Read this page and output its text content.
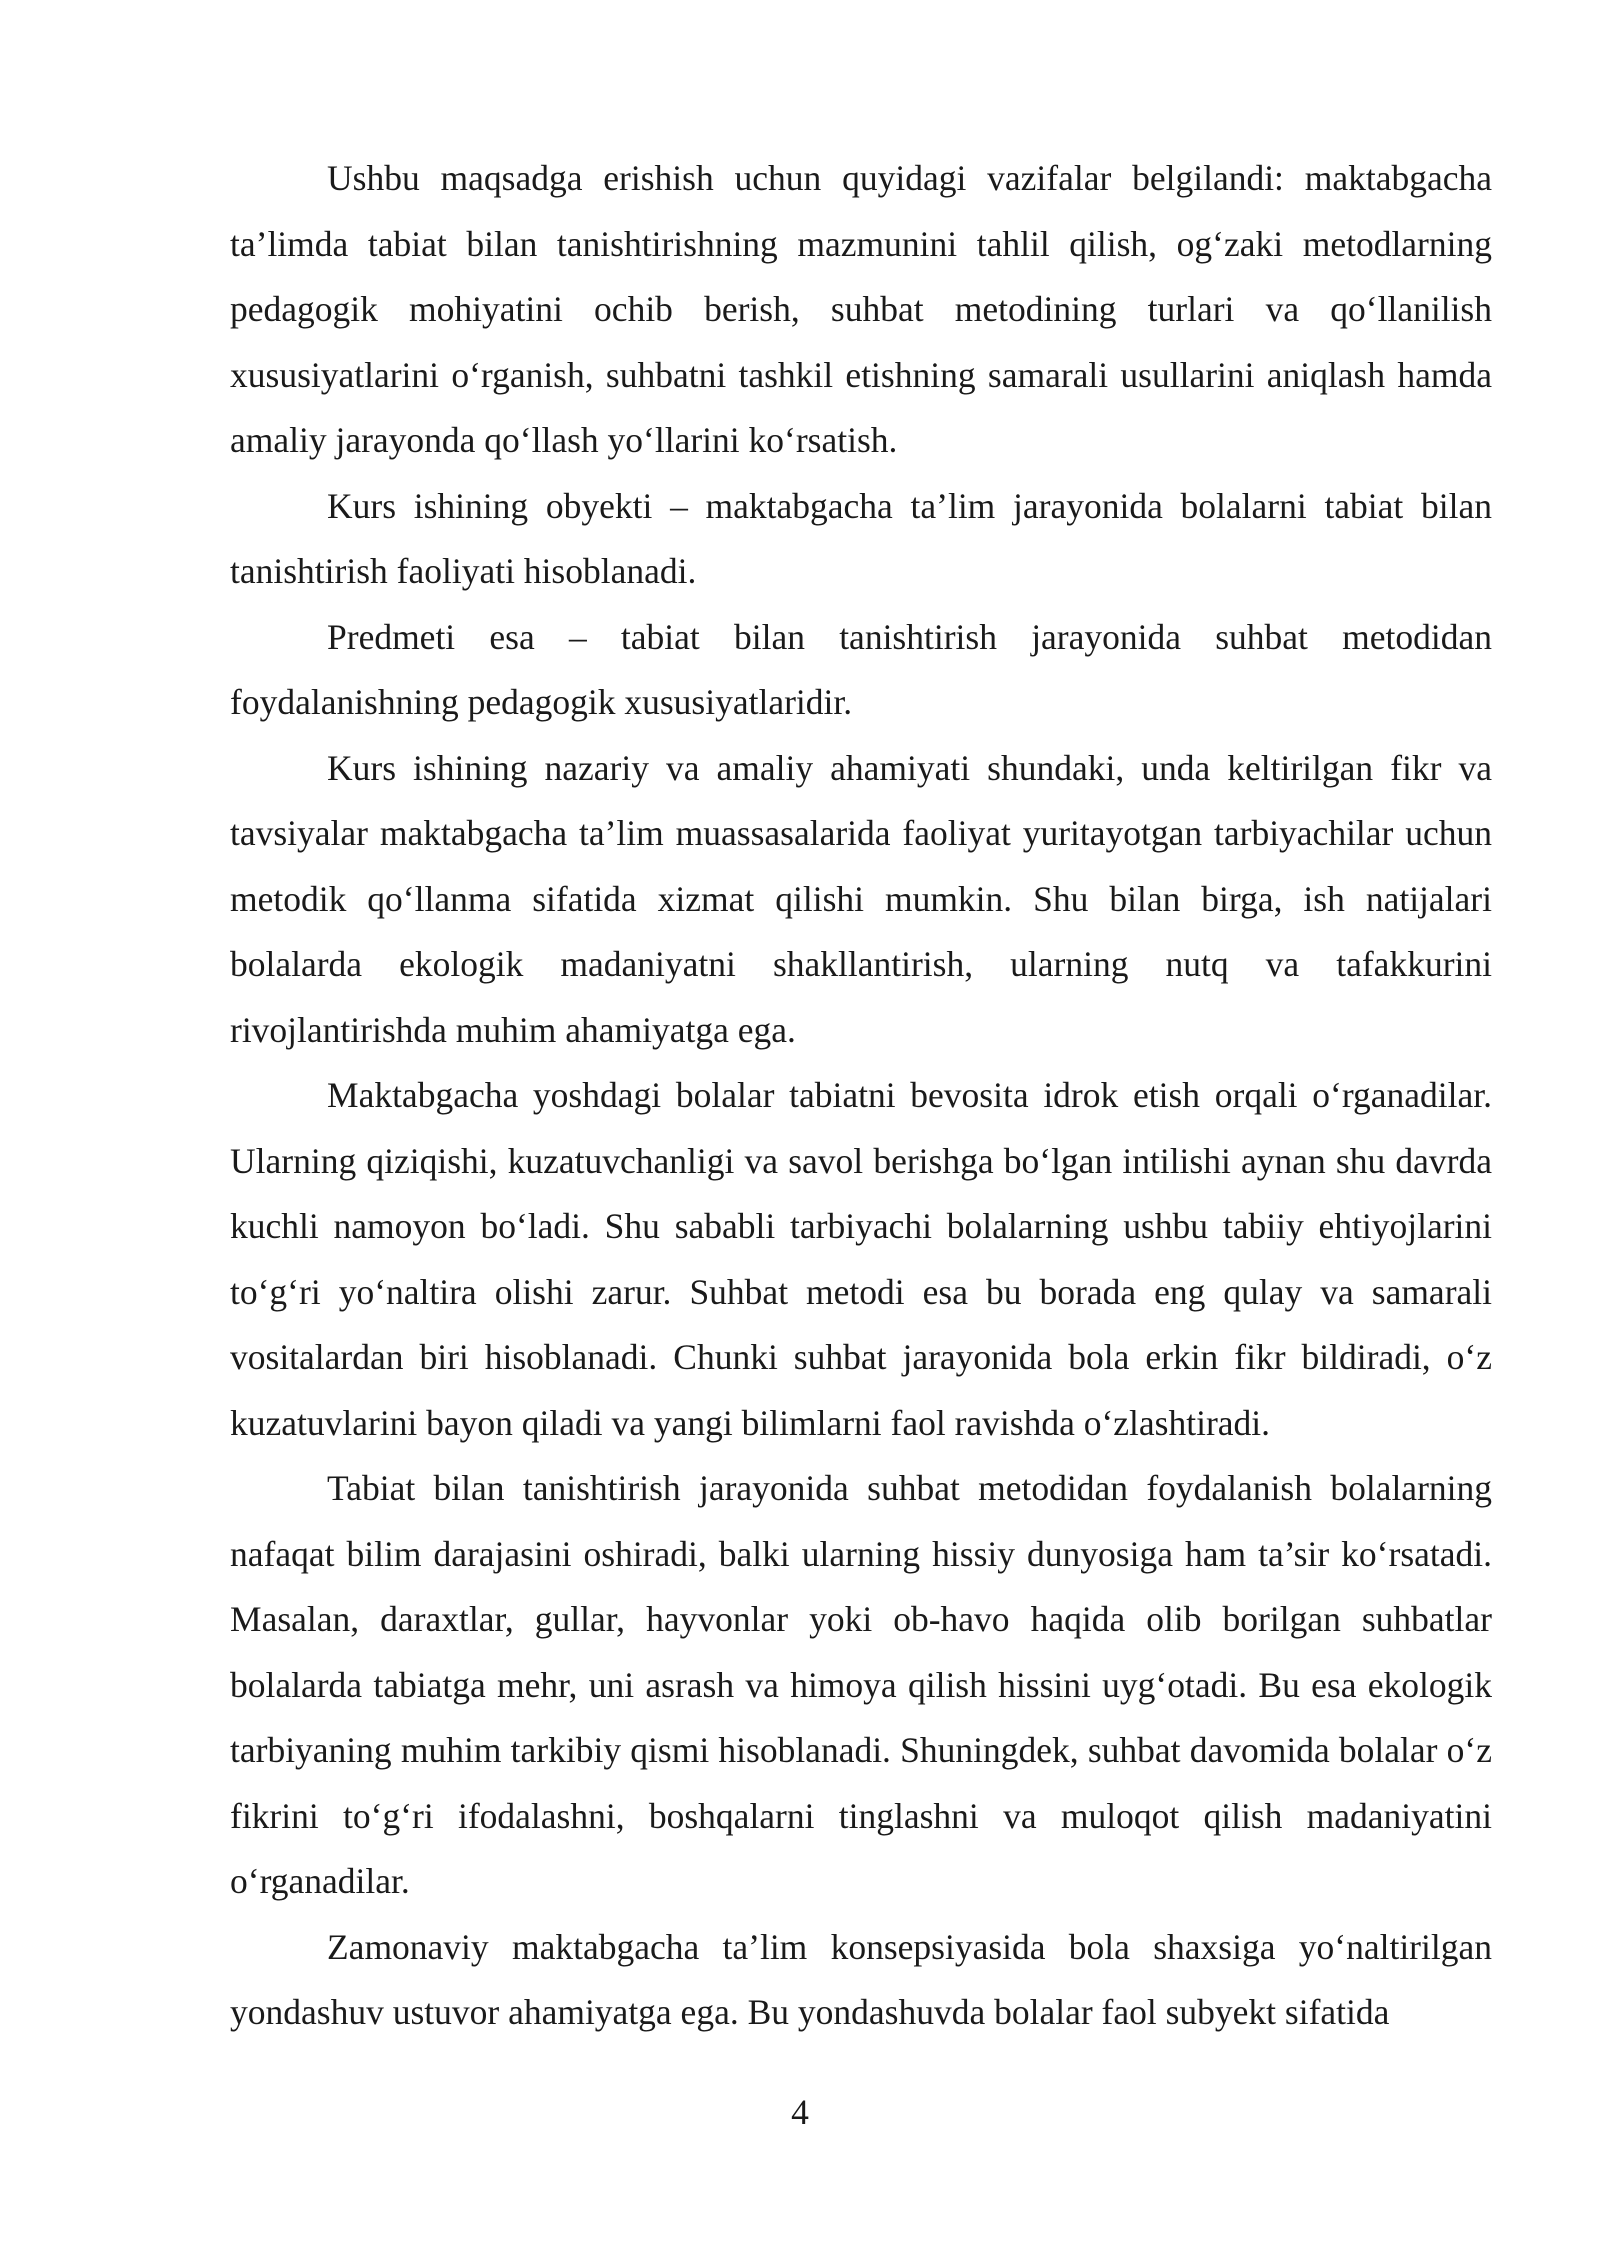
Ushbu maqsadga erishish uchun quyidagi vazifalar belgilandi: maktabgacha ta’limda tabiat bilan tanishtirishning mazmunini tahlil qilish, og‘zaki metodlarning pedagogik mohiyatini ochib berish, suhbat metodining turlari va qo‘llanilish xususiyatlarini o‘rganish, suhbatni tashkil etishning samarali usullarini aniqlash hamda amaliy jarayonda qo‘llash yo‘llarini ko‘rsatish.

Kurs ishining obyekti – maktabgacha ta’lim jarayonida bolalarni tabiat bilan tanishtirish faoliyati hisoblanadi.

Predmeti esa – tabiat bilan tanishtirish jarayonida suhbat metodidan foydalanishning pedagogik xususiyatlaridir.

Kurs ishining nazariy va amaliy ahamiyati shundaki, unda keltirilgan fikr va tavsiyalar maktabgacha ta’lim muassasalarida faoliyat yuritayotgan tarbiyachilar uchun metodik qo‘llanma sifatida xizmat qilishi mumkin. Shu bilan birga, ish natijalari bolalarda ekologik madaniyatni shakllantirish, ularning nutq va tafakkurini rivojlantirishda muhim ahamiyatga ega.

Maktabgacha yoshdagi bolalar tabiatni bevosita idrok etish orqali o‘rganadilar. Ularning qiziqishi, kuzatuvchanligi va savol berishga bo‘lgan intilishi aynan shu davrda kuchli namoyon bo‘ladi. Shu sababli tarbiyachi bolalarning ushbu tabiiy ehtiyojlarini to‘g‘ri yo‘naltira olishi zarur. Suhbat metodi esa bu borada eng qulay va samarali vositalardan biri hisoblanadi. Chunki suhbat jarayonida bola erkin fikr bildiradi, o‘z kuzatuvlarini bayon qiladi va yangi bilimlarni faol ravishda o‘zlashtiradi.

Tabiat bilan tanishtirish jarayonida suhbat metodidan foydalanish bolalarning nafaqat bilim darajasini oshiradi, balki ularning hissiy dunyosiga ham ta’sir ko‘rsatadi. Masalan, daraxtlar, gullar, hayvonlar yoki ob-havo haqida olib borilgan suhbatlar bolalarda tabiatga mehr, uni asrash va himoya qilish hissini uyg‘otadi. Bu esa ekologik tarbiyaning muhim tarkibiy qismi hisoblanadi. Shuningdek, suhbat davomida bolalar o‘z fikrini to‘g‘ri ifodalashni, boshqalarni tinglashni va muloqot qilish madaniyatini o‘rganadilar.

Zamonaviy maktabgacha ta’lim konsepsiyasida bola shaxsiga yo‘naltirilgan yondashuv ustuvor ahamiyatga ega. Bu yondashuvda bolalar faol subyekt sifatida

4
